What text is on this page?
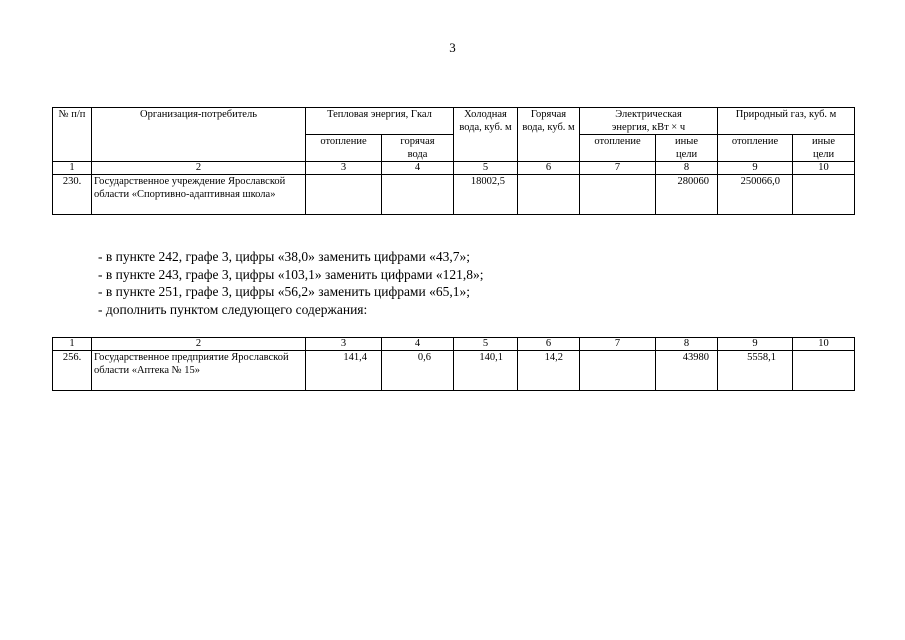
3
№ п/п	Организация-потребитель	Тепловая энергия, Гкал		Холодная вода, куб. м	Горячая вода, куб. м	Электрическая энергия, кВт × ч		Природный газ, куб. м	
		отопление	горячая вода			отопление	иные цели	отопление	иные цели
1	2	3	4	5	6	7	8	9	10
230.	Государственное учреждение Ярославской области «Спортивно-адаптивная школа»			18002,5			280060	250066,0	
- в пункте 242, графе 3, цифры «38,0» заменить цифрами «43,7»;
- в пункте 243, графе 3, цифры «103,1» заменить цифрами «121,8»;
- в пункте 251, графе 3, цифры «56,2» заменить цифрами «65,1»;
- дополнить пунктом следующего содержания:
1	2	3	4	5	6	7	8	9	10
256.	Государственное предприятие Ярославской области «Аптека № 15»	141,4	0,6	140,1	14,2		43980	5558,1	
